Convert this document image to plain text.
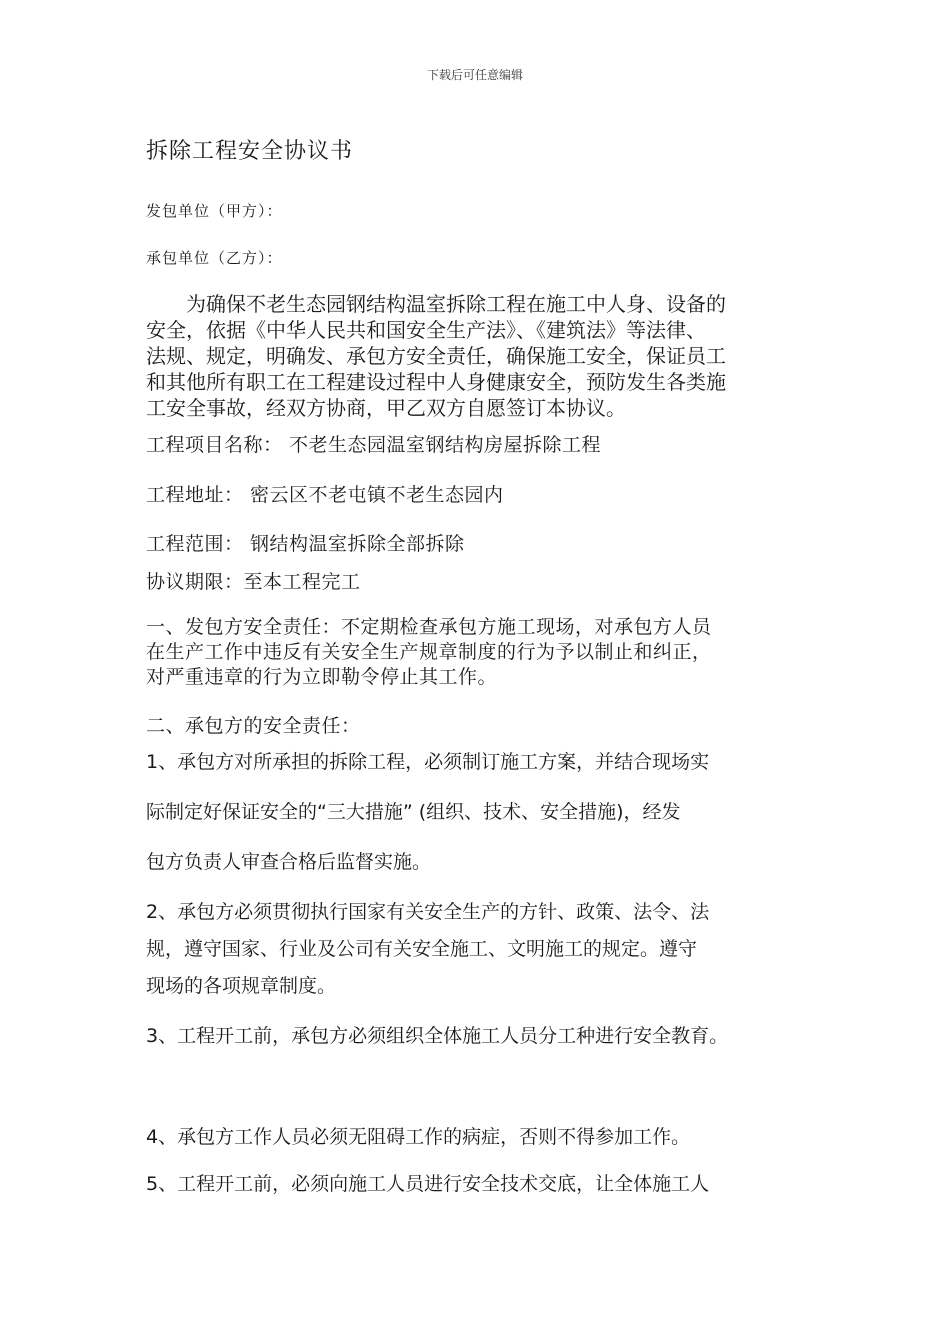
下载后可任意编辑
拆除工程安全协议书
发包单位（甲方）：
承包单位（乙方）：
　　为确保不老生态园钢结构温室拆除工程在施工中人身、设备的
安全，依据《中华人民共和国安全生产法》、《建筑法》等法律、
法规、规定，明确发、承包方安全责任，确保施工安全，保证员工
和其他所有职工在工程建设过程中人身健康安全，预防发生各类施
工安全事故，经双方协商，甲乙双方自愿签订本协议。
工程项目名称： 不老生态园温室钢结构房屋拆除工程
工程地址： 密云区不老屯镇不老生态园内
工程范围： 钢结构温室拆除全部拆除
协议期限：至本工程完工
一、发包方安全责任：不定期检查承包方施工现场，对承包方人员
在生产工作中违反有关安全生产规章制度的行为予以制止和纠正，
对严重违章的行为立即勒令停止其工作。
二、承包方的安全责任：
1、承包方对所承担的拆除工程，必须制订施工方案，并结合现场实
际制定好保证安全的“三大措施” (组织、技术、安全措施)，经发
包方负责人审查合格后监督实施。
2、承包方必须贯彻执行国家有关安全生产的方针、政策、法令、法
规，遵守国家、行业及公司有关安全施工、文明施工的规定。遵守
现场的各项规章制度。
3、工程开工前，承包方必须组织全体施工人员分工种进行安全教育。
4、承包方工作人员必须无阻碍工作的病症，否则不得参加工作。
5、工程开工前，必须向施工人员进行安全技术交底，让全体施工人
